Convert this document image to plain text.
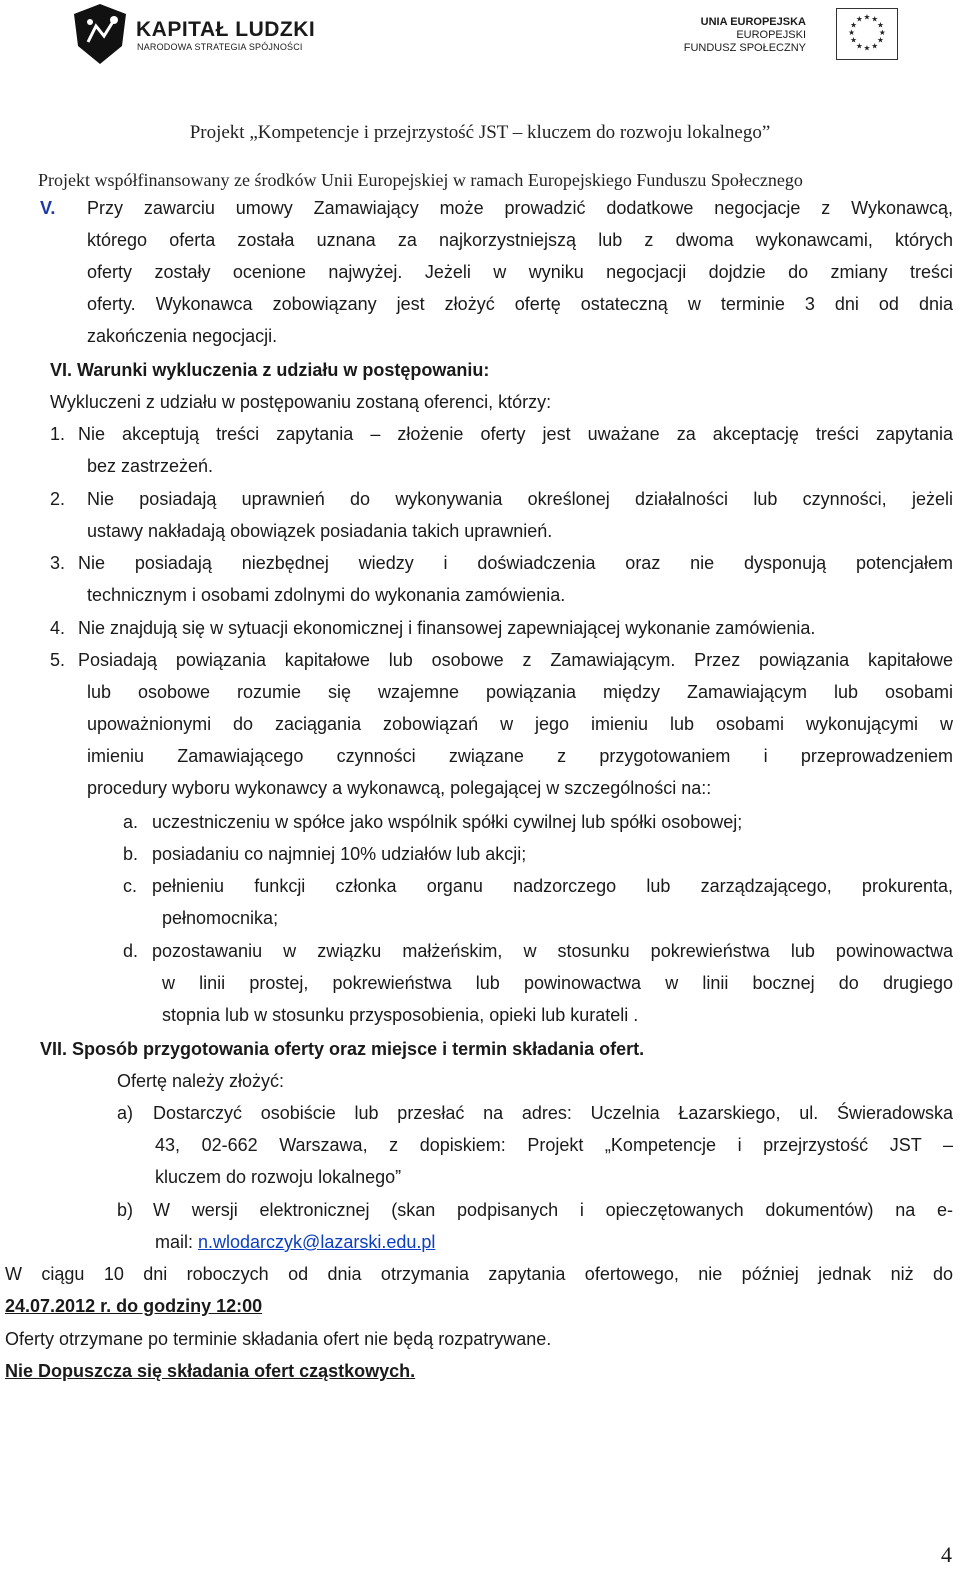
KAPITAŁ LUDZKI
NARODOWA STRATEGIA SPÓJNOŚCI
UNIA EUROPEJSKA
EUROPEJSKI
FUNDUSZ SPOŁECZNY
★ ★
★
★
★
★
★
★
★
★
★
★
Projekt „Kompetencje i przejrzystość JST – kluczem do rozwoju lokalnego”
Projekt współfinansowany ze środków Unii Europejskiej w ramach Europejskiego Funduszu Społecznego
V. Przy zawarciu umowy Zamawiający może prowadzić dodatkowe negocjacje z Wykonawcą,
którego oferta została uznana za najkorzystniejszą lub z dwoma wykonawcami, których
oferty zostały ocenione najwyżej. Jeżeli w wyniku negocjacji dojdzie do zmiany treści
oferty. Wykonawca zobowiązany jest złożyć ofertę ostateczną w terminie 3 dni od dnia
zakończenia negocjacji.
VI. Warunki wykluczenia z udziału w postępowaniu:
Wykluczeni z udziału w postępowaniu zostaną oferenci, którzy:
1. Nie akceptują treści zapytania – złożenie oferty jest uważane za akceptację treści zapytania
bez zastrzeżeń.
2. Nie posiadają uprawnień do wykonywania określonej działalności lub czynności, jeżeli
ustawy nakładają obowiązek posiadania takich uprawnień.
3. Nie posiadają niezbędnej wiedzy i doświadczenia oraz nie dysponują potencjałem
technicznym i osobami zdolnymi do wykonania zamówienia.
4. Nie znajdują się w sytuacji ekonomicznej i finansowej zapewniającej wykonanie zamówienia.
5. Posiadają powiązania kapitałowe lub osobowe z Zamawiającym. Przez powiązania kapitałowe
lub osobowe rozumie się wzajemne powiązania między Zamawiającym lub osobami
upoważnionymi do zaciągania zobowiązań w jego imieniu lub osobami wykonującymi w
imieniu Zamawiającego czynności związane z przygotowaniem i przeprowadzeniem
procedury wyboru wykonawcy a wykonawcą, polegającej w szczególności na::
a. uczestniczeniu w spółce jako wspólnik spółki cywilnej lub spółki osobowej;
b. posiadaniu co najmniej 10% udziałów lub akcji;
c. pełnieniu funkcji członka organu nadzorczego lub zarządzającego, prokurenta,
pełnomocnika;
d. pozostawaniu w związku małżeńskim, w stosunku pokrewieństwa lub powinowactwa
w linii prostej, pokrewieństwa lub powinowactwa w linii bocznej do drugiego
stopnia lub w stosunku przysposobienia, opieki lub kurateli .
VII. Sposób przygotowania oferty oraz miejsce i termin składania ofert.
Ofertę należy złożyć:
a) Dostarczyć osobiście lub przesłać na adres: Uczelnia Łazarskiego, ul. Świeradowska
43, 02-662 Warszawa, z dopiskiem: Projekt „Kompetencje i przejrzystość JST –
kluczem do rozwoju lokalnego”
b) W wersji elektronicznej (skan podpisanych i opieczętowanych dokumentów) na e-
mail: n.wlodarczyk@lazarski.edu.pl
W ciągu 10 dni roboczych od dnia otrzymania zapytania ofertowego, nie później jednak niż do
24.07.2012 r. do godziny 12:00
Oferty otrzymane po terminie składania ofert nie będą rozpatrywane.
Nie Dopuszcza się składania ofert cząstkowych.
4
